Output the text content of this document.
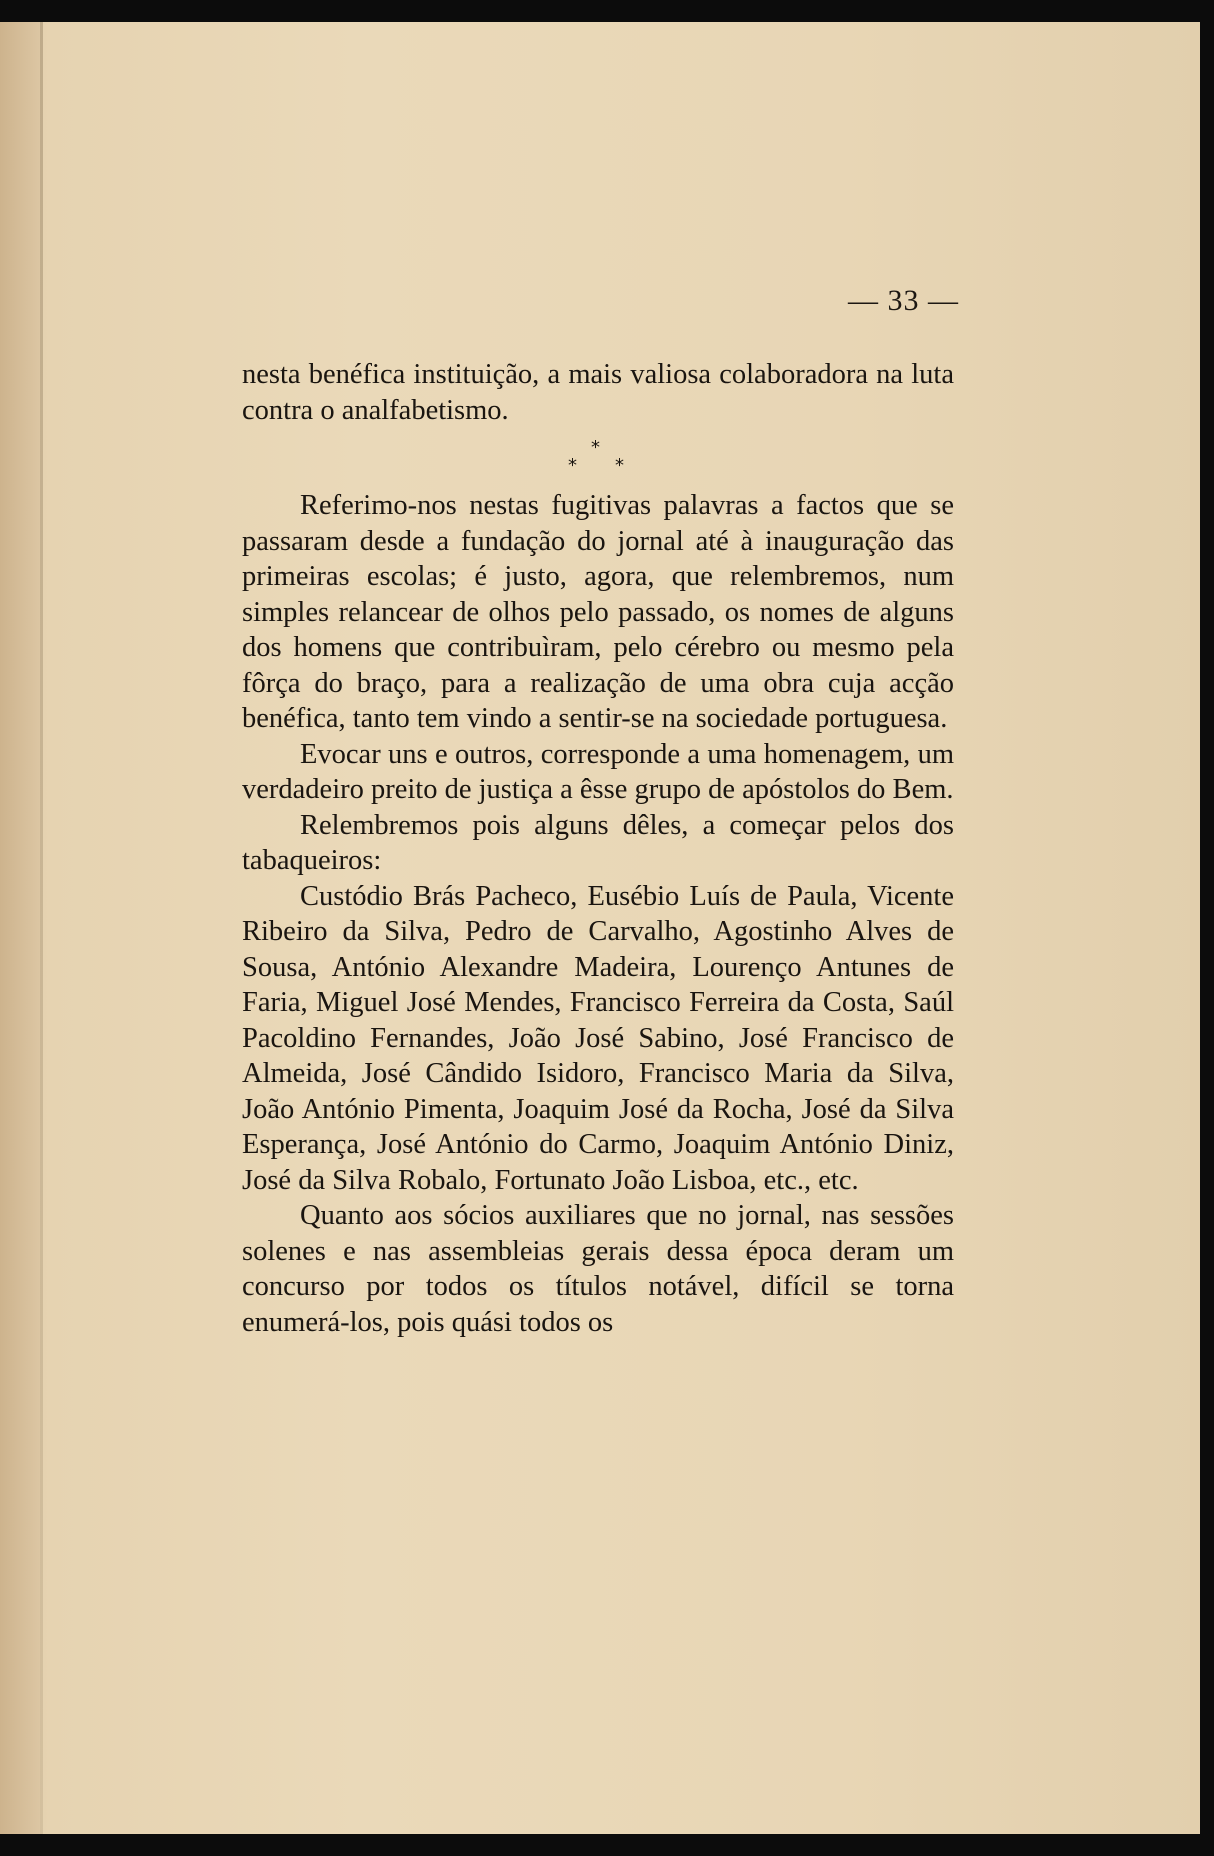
— 33 —

nesta benéfica instituição, a mais valiosa colaboradora na luta contra o analfabetismo.

*
* *

Referimo-nos nestas fugitivas palavras a factos que se passaram desde a fundação do jornal até à inauguração das primeiras escolas; é justo, agora, que relembremos, num simples relancear de olhos pelo passado, os nomes de alguns dos homens que contribuìram, pelo cérebro ou mesmo pela fôrça do braço, para a realização de uma obra cuja acção benéfica, tanto tem vindo a sentir-se na sociedade portuguesa.

Evocar uns e outros, corresponde a uma homenagem, um verdadeiro preito de justiça a êsse grupo de apóstolos do Bem.

Relembremos pois alguns dêles, a começar pelos dos tabaqueiros:

Custódio Brás Pacheco, Eusébio Luís de Paula, Vicente Ribeiro da Silva, Pedro de Carvalho, Agostinho Alves de Sousa, António Alexandre Madeira, Lourenço Antunes de Faria, Miguel José Mendes, Francisco Ferreira da Costa, Saúl Pacoldino Fernandes, João José Sabino, José Francisco de Almeida, José Cândido Isidoro, Francisco Maria da Silva, João António Pimenta, Joaquim José da Rocha, José da Silva Esperança, José António do Carmo, Joaquim António Diniz, José da Silva Robalo, Fortunato João Lisboa, etc., etc.

Quanto aos sócios auxiliares que no jornal, nas sessões solenes e nas assembleias gerais dessa época deram um concurso por todos os títulos notável, difícil se torna enumerá-los, pois quási todos os
